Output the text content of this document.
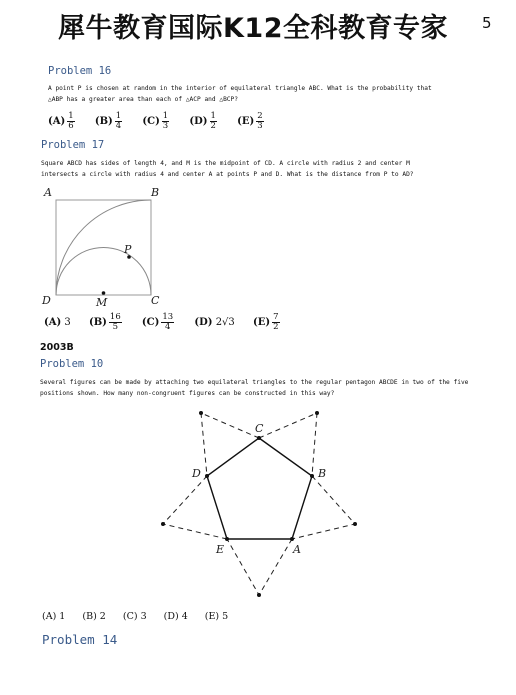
犀牛教育国际K12全科教育专家 5
Problem 16
A point P is chosen at random in the interior of equilateral triangle ABC. What is the probability that
△ABP has a greater area than each of △ACP and △BCP?
$(A) \frac{1}{6} (B) \frac{1}{4} (C) \frac{1}{3} (D) \frac{1}{2} (E) \frac{2}{3}$
Problem 17
Square ABCD has sides of length 4, and M is the midpoint of CD. A circle with radius 2 and center M
intersects a circle with radius 4 and center A at points P and D. What is the distance from P to AD?
A	B
C
D	M
P
(A) 3 $(B) \frac{16}{5} (C) \frac{13}{4} (D)$ 2√3 $(E) \frac{7}{2}$
2003B
Problem 10
Several figures can be made by attaching two equilateral triangles to the regular pentagon ABCDE in two of the five
positions shown. How many non-congruent figures can be constructed in this way?
C
B
A
E
D
(A) 1 (B) 2 (C) 3 (D) 4 (E) 5
Problem 14
